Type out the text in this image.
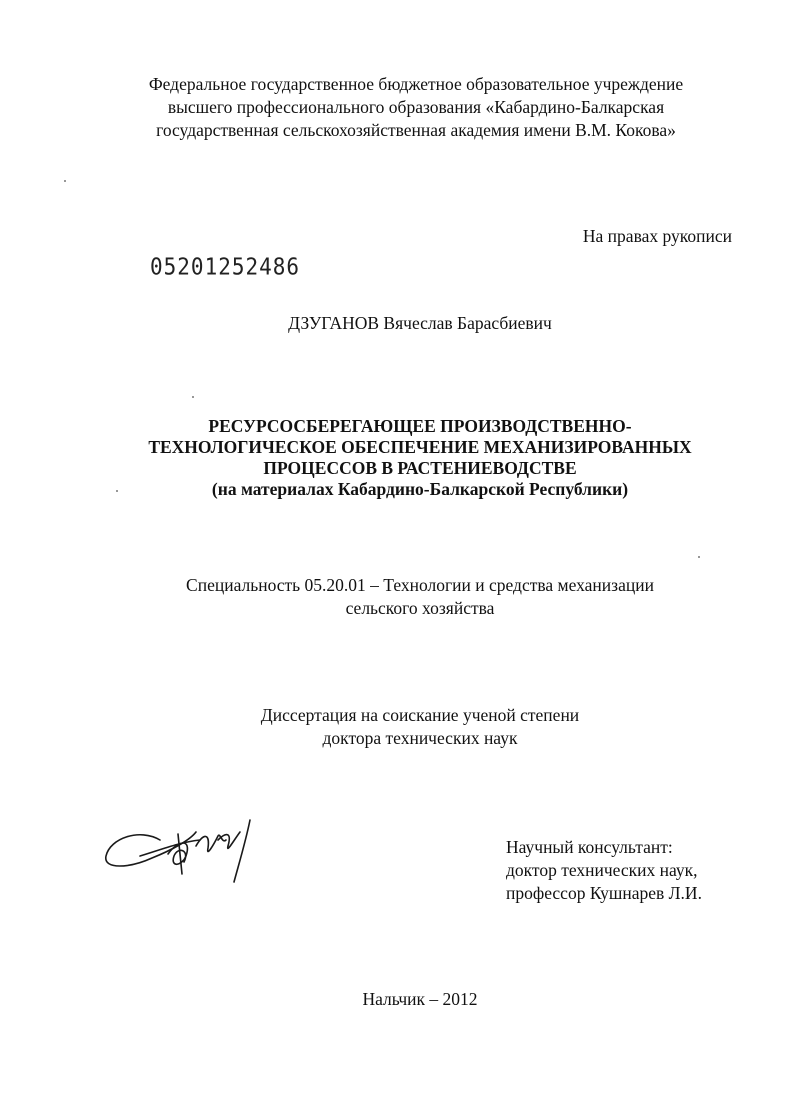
Федеральное государственное бюджетное образовательное учреждение
высшего профессионального образования «Кабардино-Балкарская
государственная сельскохозяйственная академия имени В.М. Кокова»
На правах рукописи
05201252486
ДЗУГАНОВ Вячеслав Барасбиевич
РЕСУРСОСБЕРЕГАЮЩЕЕ ПРОИЗВОДСТВЕННО-
ТЕХНОЛОГИЧЕСКОЕ ОБЕСПЕЧЕНИЕ МЕХАНИЗИРОВАННЫХ
ПРОЦЕССОВ В РАСТЕНИЕВОДСТВЕ
(на материалах Кабардино-Балкарской Республики)
Специальность 05.20.01 – Технологии и средства механизации
сельского хозяйства
Диссертация на соискание ученой степени
доктора технических наук
Научный консультант:
доктор технических наук,
профессор Кушнарев Л.И.
Нальчик – 2012
